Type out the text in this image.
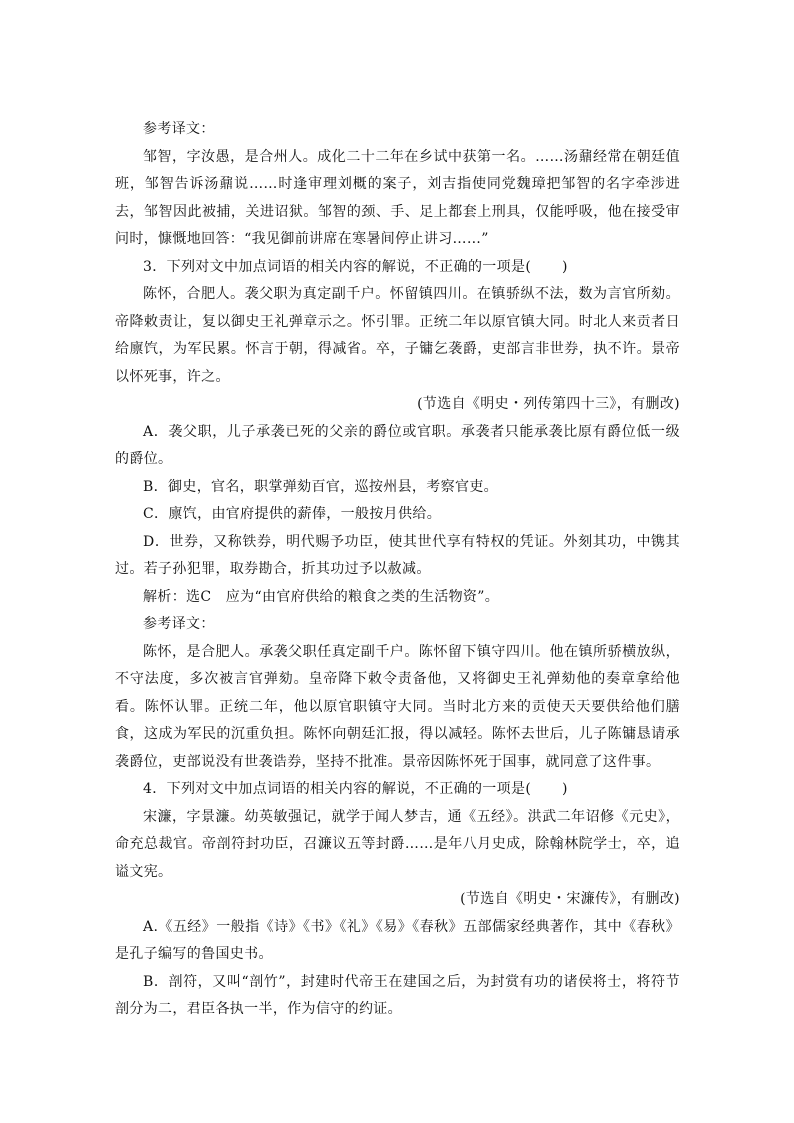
参考译文：

邹智，字汝愚，是合州人。成化二十二年在乡试中获第一名。……汤鼐经常在朝廷值班，邹智告诉汤鼐说……时逢审理刘概的案子，刘吉指使同党魏璋把邹智的名字牵涉进去，邹智因此被捕，关进诏狱。邹智的颈、手、足上都套上刑具，仅能呼吸，他在接受审问时，慷慨地回答：“我见御前讲席在寒暑间停止讲习……”

3．下列对文中加点词语的相关内容的解说，不正确的一项是( )

陈怀，合肥人。袭父职为真定副千户。怀留镇四川。在镇骄纵不法，数为言官所劾。帝降敕责让，复以御史王礼弹章示之。怀引罪。正统二年以原官镇大同。时北人来贡者日给廪饩，为军民累。怀言于朝，得减省。卒，子镛乞袭爵，吏部言非世券，执不许。景帝以怀死事，许之。

(节选自《明史・列传第四十三》，有删改)

A．袭父职，儿子承袭已死的父亲的爵位或官职。承袭者只能承袭比原有爵位低一级的爵位。

B．御史，官名，职掌弹劾百官，巡按州县，考察官吏。

C．廪饩，由官府提供的薪俸，一般按月供给。

D．世券，又称铁券，明代赐予功臣，使其世代享有特权的凭证。外刻其功，中镌其过。若子孙犯罪，取券勘合，折其功过予以赦减。

解析：选C　应为“由官府供给的粮食之类的生活物资”。

参考译文：

陈怀，是合肥人。承袭父职任真定副千户。陈怀留下镇守四川。他在镇所骄横放纵，不守法度，多次被言官弹劾。皇帝降下敕令责备他，又将御史王礼弹劾他的奏章拿给他看。陈怀认罪。正统二年，他以原官职镇守大同。当时北方来的贡使天天要供给他们膳食，这成为军民的沉重负担。陈怀向朝廷汇报，得以减轻。陈怀去世后，儿子陈镛恳请承袭爵位，吏部说没有世袭诰券，坚持不批准。景帝因陈怀死于国事，就同意了这件事。

4．下列对文中加点词语的相关内容的解说，不正确的一项是( )

宋濂，字景濂。幼英敏强记，就学于闻人梦吉，通《五经》。洪武二年诏修《元史》，命充总裁官。帝剖符封功臣，召濂议五等封爵……是年八月史成，除翰林院学士，卒，追谥文宪。

(节选自《明史・宋濂传》，有删改)

A.《五经》一般指《诗》《书》《礼》《易》《春秋》五部儒家经典著作，其中《春秋》是孔子编写的鲁国史书。

B．剖符，又叫“剖竹”，封建时代帝王在建国之后，为封赏有功的诸侯将士，将符节剖分为二，君臣各执一半，作为信守的约证。
